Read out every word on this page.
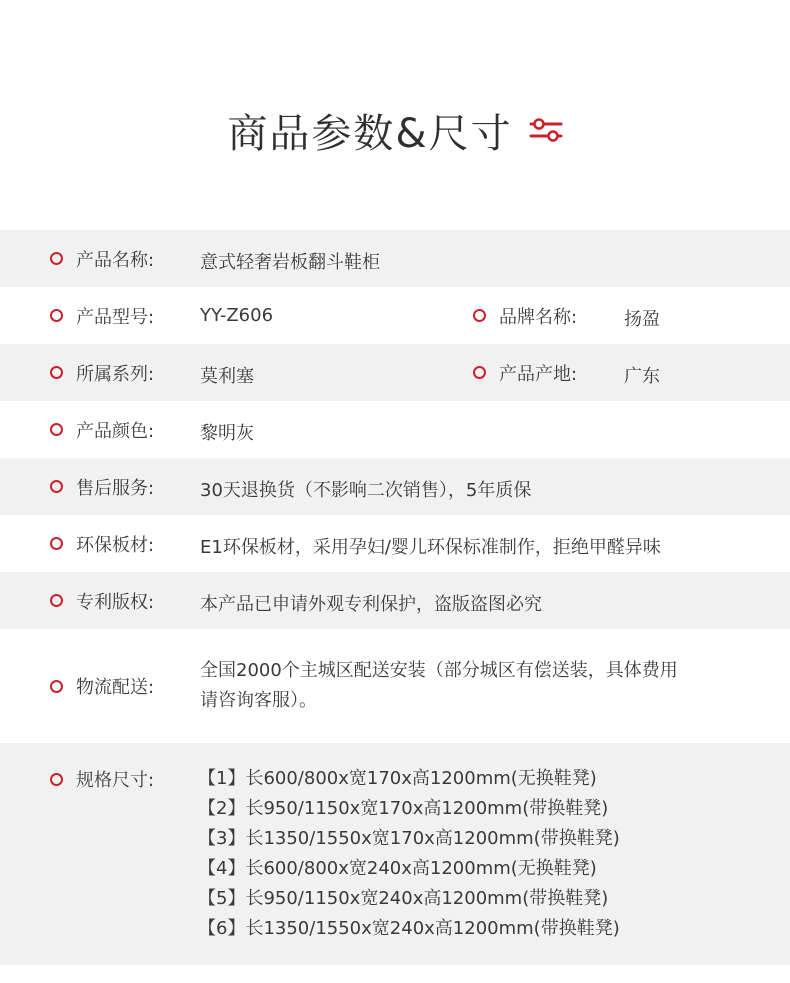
商品参数&尺寸
产品名称:	意式轻奢岩板翻斗鞋柜
产品型号:	YY-Z606	品牌名称:	扬盈
所属系列:	莫利塞	产品产地:	广东
产品颜色:	黎明灰
售后服务:	30天退换货（不影响二次销售），5年质保
环保板材:	E1环保板材，采用孕妇/婴儿环保标准制作，拒绝甲醛异味
专利版权:	本产品已申请外观专利保护，盗版盗图必究
物流配送:
全国2000个主城区配送安装（部分城区有偿送装，具体费用
请咨询客服）。
规格尺寸: 【1】长600/800x宽170x高1200mm(无换鞋凳)
【2】长950/1150x宽170x高1200mm(带换鞋凳)
【3】长1350/1550x宽170x高1200mm(带换鞋凳)
【4】长600/800x宽240x高1200mm(无换鞋凳)
【5】长950/1150x宽240x高1200mm(带换鞋凳)
【6】长1350/1550x宽240x高1200mm(带换鞋凳)
